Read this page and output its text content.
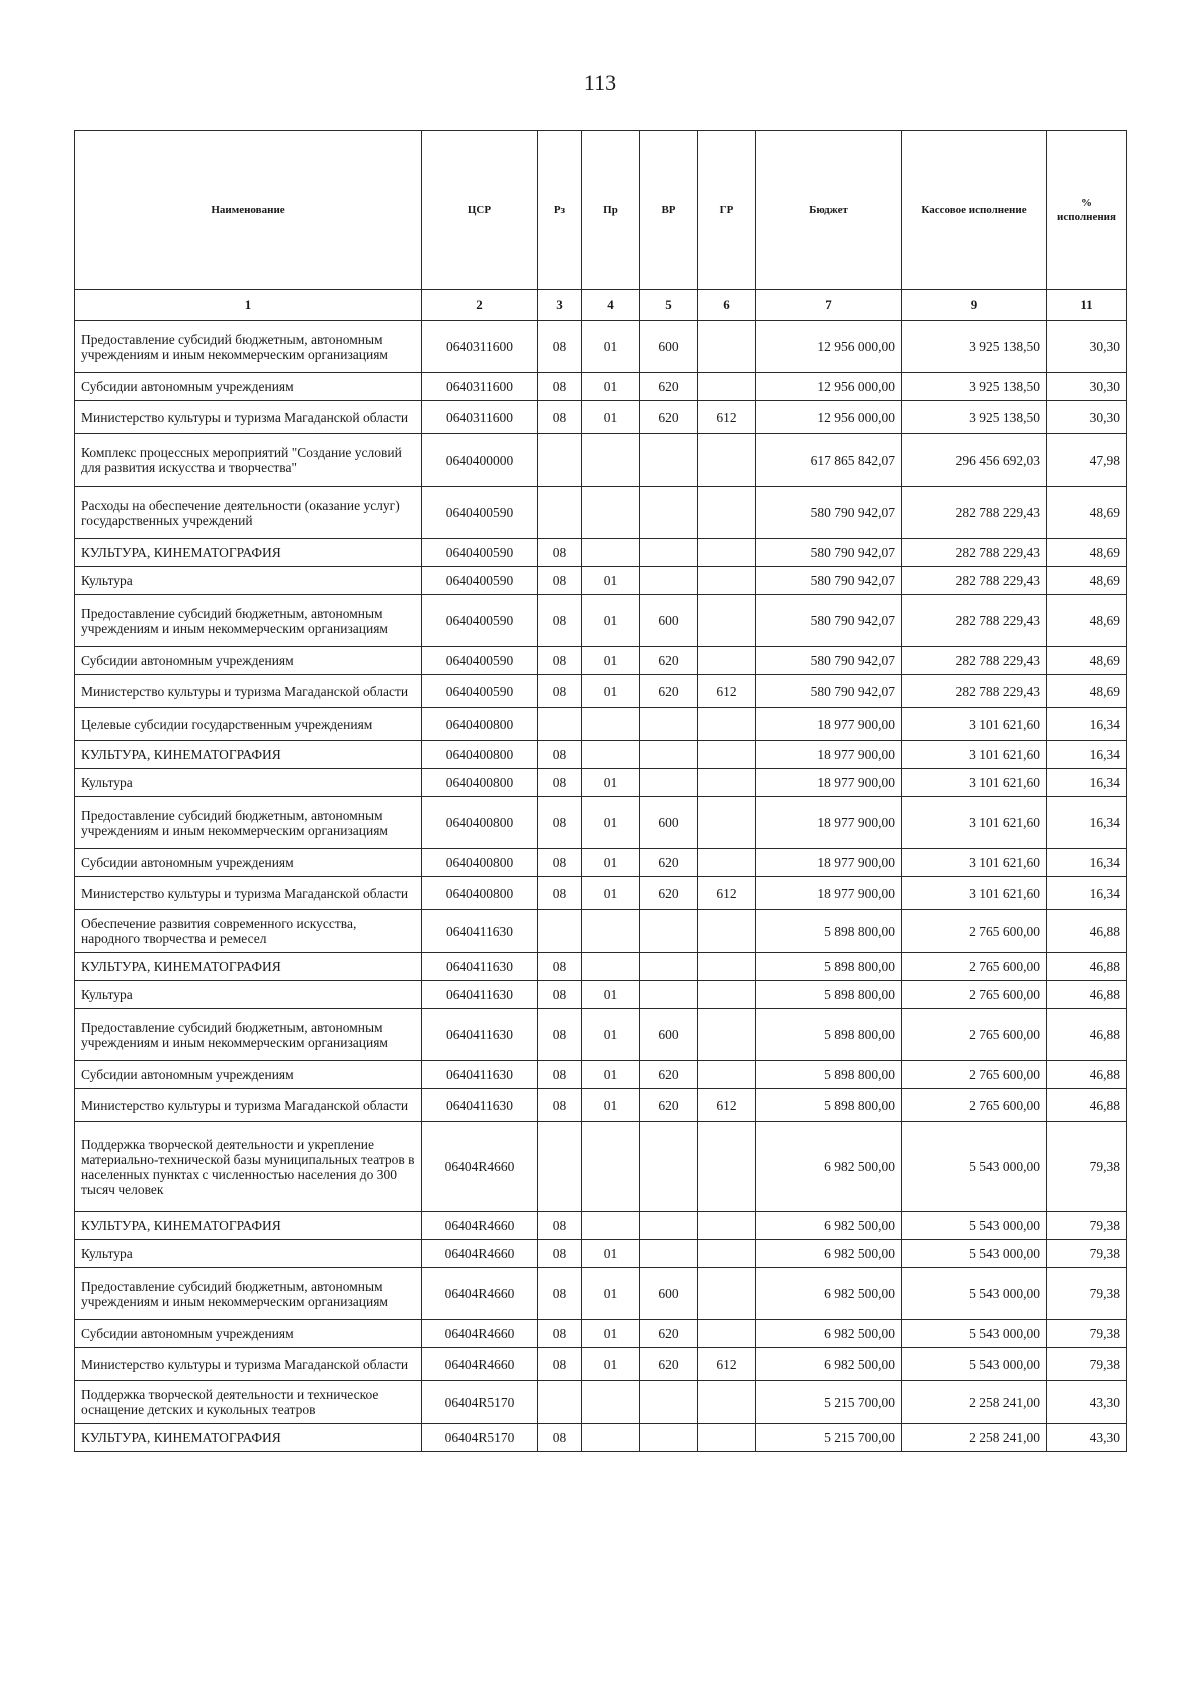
113
Наименование	ЦСР	Рз	Пр	ВР	ГР	Бюджет	Кассовое исполнение	% исполнения
1	2	3	4	5	6	7	9	11
Предоставление субсидий бюджетным, автономным учреждениям и иным некоммерческим организациям	0640311600	08	01	600		12 956 000,00	3 925 138,50	30,30
Субсидии автономным учреждениям	0640311600	08	01	620		12 956 000,00	3 925 138,50	30,30
Министерство культуры и туризма Магаданской области	0640311600	08	01	620	612	12 956 000,00	3 925 138,50	30,30
Комплекс процессных мероприятий "Создание условий для развития искусства и творчества"	0640400000					617 865 842,07	296 456 692,03	47,98
Расходы на обеспечение деятельности (оказание услуг) государственных учреждений	0640400590					580 790 942,07	282 788 229,43	48,69
КУЛЬТУРА, КИНЕМАТОГРАФИЯ	0640400590	08				580 790 942,07	282 788 229,43	48,69
Культура	0640400590	08	01			580 790 942,07	282 788 229,43	48,69
Предоставление субсидий бюджетным, автономным учреждениям и иным некоммерческим организациям	0640400590	08	01	600		580 790 942,07	282 788 229,43	48,69
Субсидии автономным учреждениям	0640400590	08	01	620		580 790 942,07	282 788 229,43	48,69
Министерство культуры и туризма Магаданской области	0640400590	08	01	620	612	580 790 942,07	282 788 229,43	48,69
Целевые субсидии государственным учреждениям	0640400800					18 977 900,00	3 101 621,60	16,34
КУЛЬТУРА, КИНЕМАТОГРАФИЯ	0640400800	08				18 977 900,00	3 101 621,60	16,34
Культура	0640400800	08	01			18 977 900,00	3 101 621,60	16,34
Предоставление субсидий бюджетным, автономным учреждениям и иным некоммерческим организациям	0640400800	08	01	600		18 977 900,00	3 101 621,60	16,34
Субсидии автономным учреждениям	0640400800	08	01	620		18 977 900,00	3 101 621,60	16,34
Министерство культуры и туризма Магаданской области	0640400800	08	01	620	612	18 977 900,00	3 101 621,60	16,34
Обеспечение развития современного искусства, народного творчества и ремесел	0640411630					5 898 800,00	2 765 600,00	46,88
КУЛЬТУРА, КИНЕМАТОГРАФИЯ	0640411630	08				5 898 800,00	2 765 600,00	46,88
Культура	0640411630	08	01			5 898 800,00	2 765 600,00	46,88
Предоставление субсидий бюджетным, автономным учреждениям и иным некоммерческим организациям	0640411630	08	01	600		5 898 800,00	2 765 600,00	46,88
Субсидии автономным учреждениям	0640411630	08	01	620		5 898 800,00	2 765 600,00	46,88
Министерство культуры и туризма Магаданской области	0640411630	08	01	620	612	5 898 800,00	2 765 600,00	46,88
Поддержка творческой деятельности и укрепление материально-технической базы муниципальных театров в населенных пунктах с численностью населения до 300 тысяч человек	06404R4660					6 982 500,00	5 543 000,00	79,38
КУЛЬТУРА, КИНЕМАТОГРАФИЯ	06404R4660	08				6 982 500,00	5 543 000,00	79,38
Культура	06404R4660	08	01			6 982 500,00	5 543 000,00	79,38
Предоставление субсидий бюджетным, автономным учреждениям и иным некоммерческим организациям	06404R4660	08	01	600		6 982 500,00	5 543 000,00	79,38
Субсидии автономным учреждениям	06404R4660	08	01	620		6 982 500,00	5 543 000,00	79,38
Министерство культуры и туризма Магаданской области	06404R4660	08	01	620	612	6 982 500,00	5 543 000,00	79,38
Поддержка творческой деятельности и техническое оснащение детских и кукольных театров	06404R5170					5 215 700,00	2 258 241,00	43,30
КУЛЬТУРА, КИНЕМАТОГРАФИЯ	06404R5170	08				5 215 700,00	2 258 241,00	43,30
